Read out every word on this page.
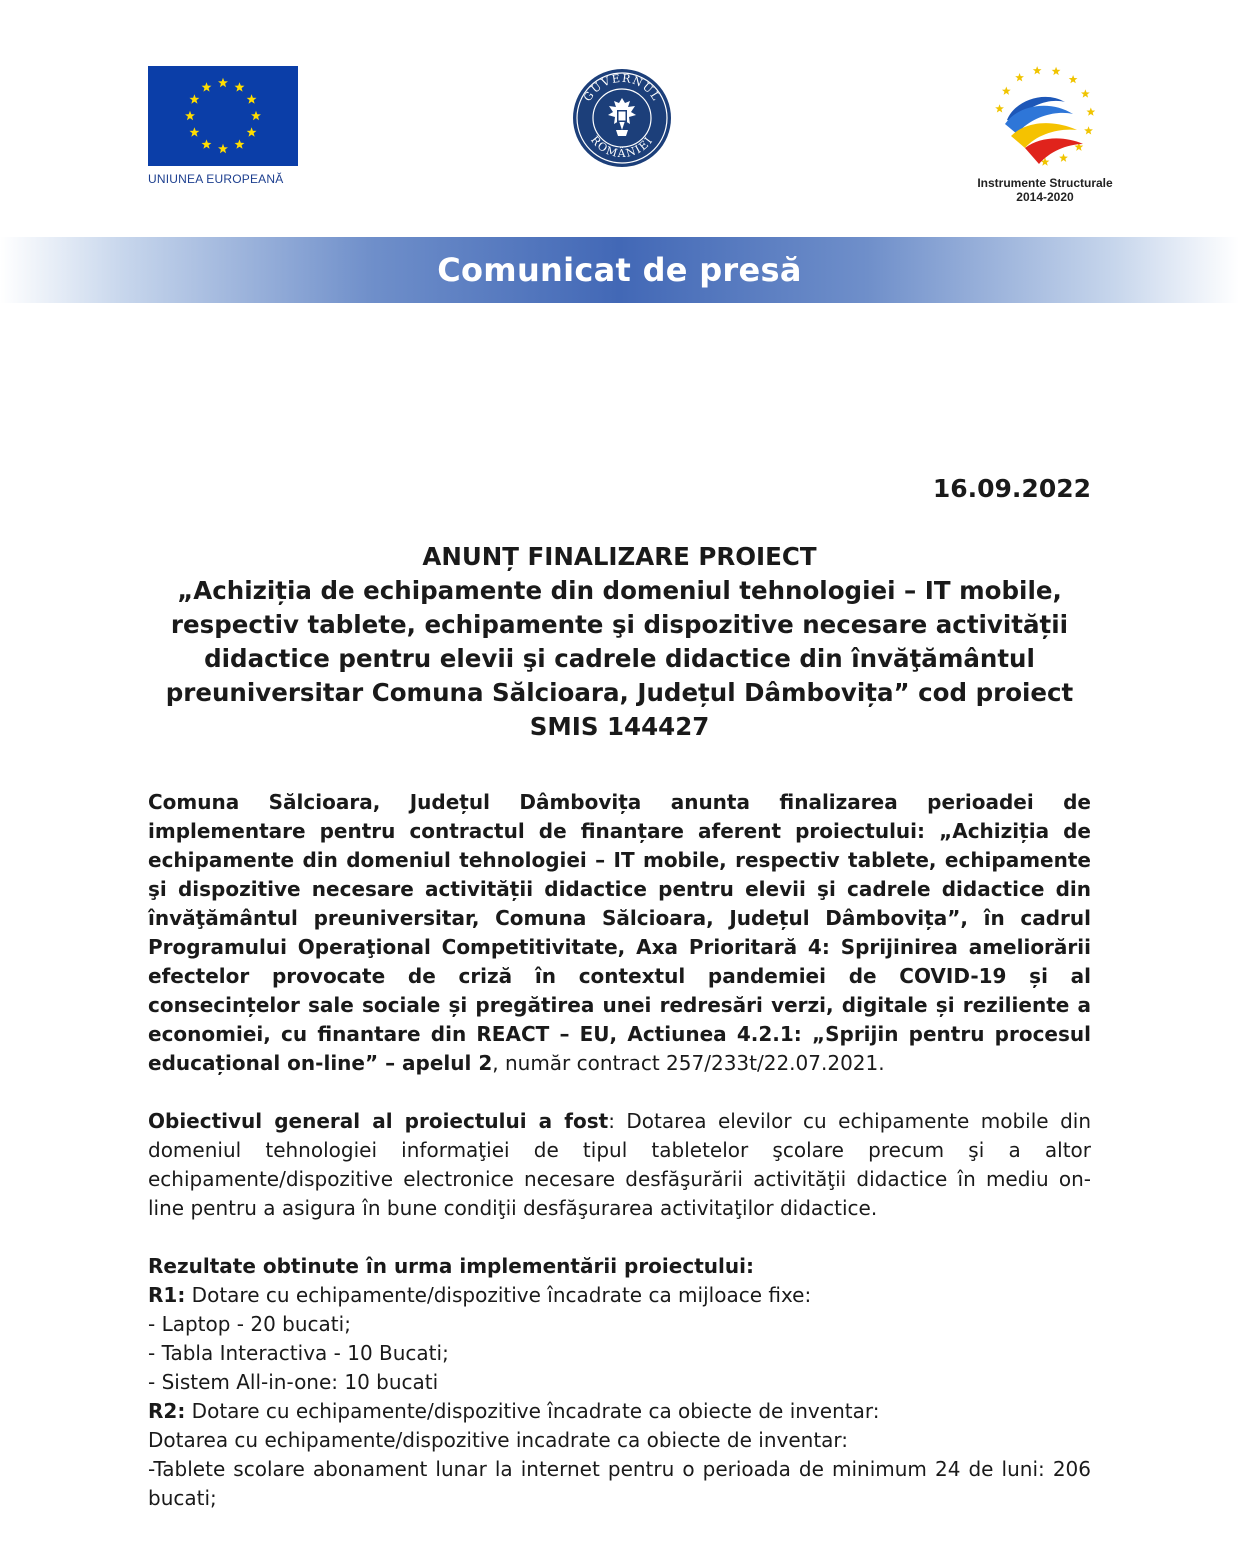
UNIUNEA EUROPEANĂ
GUVERNUL
ROMÂNIEI
Instrumente Structurale
2014-2020
Comunicat de presă
16.09.2022
ANUNȚ FINALIZARE PROIECT
„Achiziția de echipamente din domeniul tehnologiei – IT mobile,
respectiv tablete, echipamente şi dispozitive necesare activității
didactice pentru elevii şi cadrele didactice din învăţământul
preuniversitar Comuna Sălcioara, Județul Dâmbovița” cod proiect
SMIS 144427

Comuna Sălcioara, Județul Dâmbovița anunta finalizarea perioadei de implementare pentru contractul de finanțare aferent proiectului: „Achiziția de echipamente din domeniul tehnologiei – IT mobile, respectiv tablete, echipamente şi dispozitive necesare activității didactice pentru elevii şi cadrele didactice din învăţământul preuniversitar, Comuna Sălcioara, Județul Dâmbovița”, în cadrul Programului Operaţional Competitivitate, Axa Prioritară 4: Sprijinirea ameliorării efectelor provocate de criză în contextul pandemiei de COVID-19 și al consecințelor sale sociale și pregătirea unei redresări verzi, digitale și reziliente a economiei, cu finantare din REACT – EU, Actiunea 4.2.1: „Sprijin pentru procesul educațional on-line” – apelul 2, număr contract 257/233t/22.07.2021.

Obiectivul general al proiectului a fost: Dotarea elevilor cu echipamente mobile din domeniul tehnologiei informaţiei de tipul tabletelor şcolare precum şi a altor echipamente/dispozitive electronice necesare desfăşurării activităţii didactice în mediu on-line pentru a asigura în bune condiţii desfăşurarea activitaţilor didactice.

Rezultate obtinute în urma implementării proiectului:

R1: Dotare cu echipamente/dispozitive încadrate ca mijloace fixe:

- Laptop - 20 bucati;

- Tabla Interactiva - 10 Bucati;

- Sistem All-in-one: 10 bucati

R2: Dotare cu echipamente/dispozitive încadrate ca obiecte de inventar:

Dotarea cu echipamente/dispozitive incadrate ca obiecte de inventar:

-Tablete scolare abonament lunar la internet pentru o perioada de minimum 24 de luni: 206 bucati;
